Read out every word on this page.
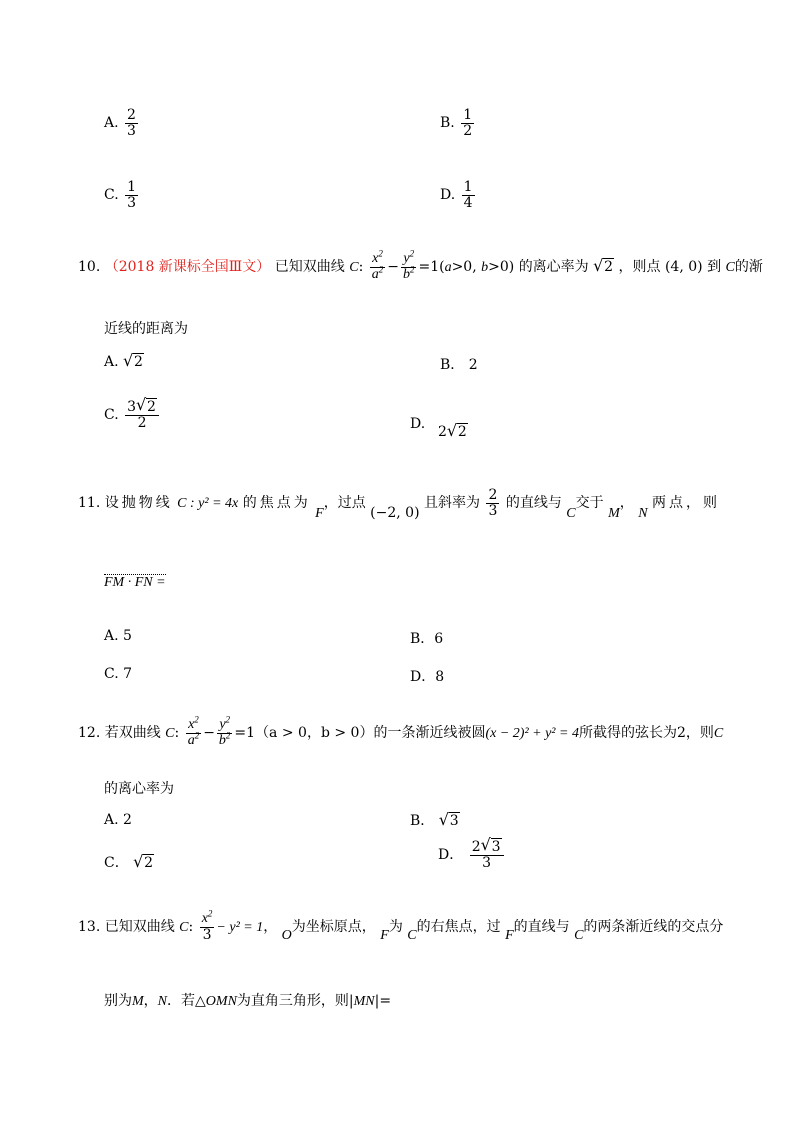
A. $\frac{2}{3}$	B. $\frac{1}{2}$
C. $\frac{1}{3}$	D. $\frac{1}{4}$
10. （2018 新课标全国Ⅲ文） 已知双曲线 C: $\frac{x^2}{a^2} - \frac{y^2}{b^2} =1(a>0$, b>0) 的离心率为 √ 2 ，则点 (4, 0) 到 C的渐
近线的距离为
A. √ 2	B． 2
C. $\frac{3 √ 2}{2}$	D. 2 √ 2
11. 设抛物线 C : y² = 4x 的焦点为 F，过点 (−2, 0) 且斜率为 $\frac{2}{3}$ 的直线与 C交于 M， N 两点，则
FM · FN =
A. 5	B．6
C. 7	D．8
12. 若双曲线 C: $\frac{x^2}{a^2} - \frac{y^2}{b^2} =1(a > 0$，b > 0）的一条渐近线被圆(x − 2)² + y² = 4所截得的弦长为2，则C
的离心率为
A. 2	B． √ 3
C． √ 2	D． $\frac{2 √ 3}{3}$
13. 已知双曲线 C: $\frac{x^2}{3} - y^2 = 1$， O为坐标原点， F为 C的右焦点，过 F的直线与 C的两条渐近线的交点分
别为M，N．若△OMN为直角三角形，则|MN|=
